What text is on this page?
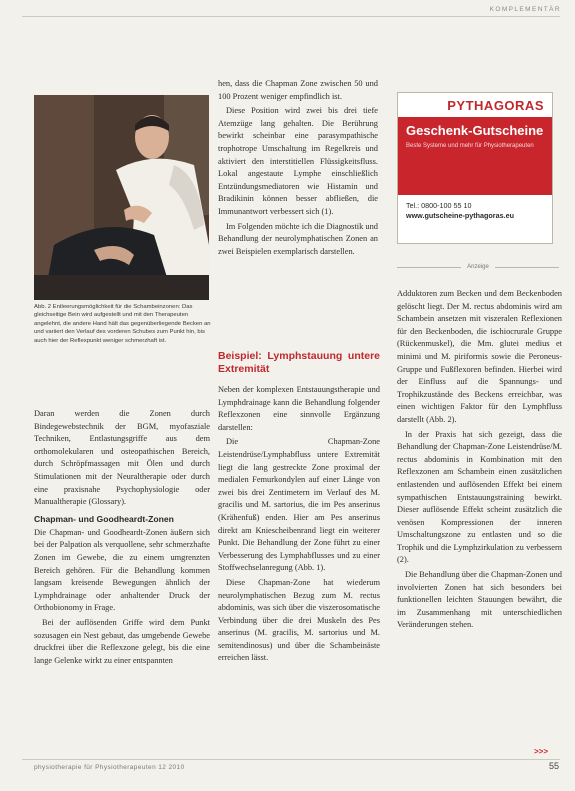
KOMPLEMENTÄR
Abb. 2 Entleerungsmöglichkeit für die Schambeinzonen: Das gleichseitige Bein wird aufgestellt und mit den Therapeuten angelehnt, die andere Hand hält das gegenüberliegende Becken an und variiert den Verlauf des vorderen Schubes zum Punkt hin, bis auch hier der Reflexpunkt weniger schmerzhaft ist.

Daran werden die Zonen durch Bindegewebstechnik der BGM, myofasziale Techniken, Entlastungsgriffe aus dem orthomolekularen und osteopathischen Bereich, durch Schröpfmassagen mit Ölen und durch Stimulationen mit der Neuraltherapie oder durch eine praxisnahe Psychophysiologie oder Manualtherapie (Glossary).

Chapman- und Goodheardt-Zonen

Die Chapman- und Goodheardt-Zonen äußern sich bei der Palpation als verquollene, sehr schmerzhafte Zonen im Gewebe, die zu einem umgrenzten Bereich gehören. Für die Behandlung kommen langsam kreisende Bewegungen ähnlich der Lymphdrainage oder anhaltender Druck der Orthobionomy in Frage.

Bei der auflösenden Griffe wird dem Punkt sozusagen ein Nest gebaut, das umgebende Gewebe druckfrei über die Reflexzone gelegt, bis die eine lange Gelenke wirkt zu einer entspannten

hen, dass die Chapman Zone zwischen 50 und 100 Prozent weniger empfindlich ist.

Diese Position wird zwei bis drei tiefe Atemzüge lang gehalten. Die Berührung bewirkt scheinbar eine parasympathische trophotrope Umschaltung im Regelkreis und aktiviert den interstitiellen Flüssigkeitsfluss. Lokal angestaute Lymphe einschließlich Entzündungsmediatoren wie Histamin und Bradikinin können besser abfließen, die Immunantwort verbessert sich (1).

Im Folgenden möchte ich die Diagnostik und Behandlung der neurolymphatischen Zonen an zwei Beispielen exemplarisch darstellen.

Beispiel: Lymphstauung untere Extremität

Neben der komplexen Entstauungstherapie und Lymphdrainage kann die Behandlung folgender Reflexzonen eine sinnvolle Ergänzung darstellen:

Die Chapman-Zone Leistendrüse/Lymphabfluss untere Extremität liegt die lang gestreckte Zone proximal der medialen Femurkondylen auf einer Länge von zwei bis drei Zentimetern im Verlauf des M. gracilis und M. sartorius, die im Pes anserinus (Krähenfuß) enden. Hier am Pes anserinus direkt am Kniescheibenrand liegt ein weiterer Punkt. Die Behandlung der Zone führt zu einer Verbesserung des Lymphabflusses und zu einer Stoffwechselanregung (Abb. 1).

Diese Chapman-Zone hat wiederum neurolymphatischen Bezug zum M. rectus abdominis, was sich über die viszerosomatische Verbindung über die drei Muskeln des Pes anserinus (M. gracilis, M. sartorius und M. semitendinosus) und über die Schambeinäste erreichen lässt.

PYTHAGORAS
Geschenk-Gutscheine
Beste Systeme und mehr für Physiotherapeuten
Tel.: 0800-100 55 10
www.gutscheine-pythagoras.eu
Anzeige

Adduktoren zum Becken und dem Beckenboden gelöscht liegt. Der M. rectus abdominis wird am Schambein ansetzen mit viszeralen Reflexionen für den Beckenboden, die ischiocrurale Gruppe (Rückenmuskel), die Mm. glutei medius et minimi und M. piriformis sowie die Peroneus-Gruppe und Fußflexoren befinden. Hierbei wird der Einfluss auf die Spannungs- und Trophikzustände des Beckens erreichbar, was einen wichtigen Faktor für den Lymphfluss darstellt (Abb. 2).

In der Praxis hat sich gezeigt, dass die Behandlung der Chapman-Zone Leistendrüse/M. rectus abdominis in Kombination mit den Reflexzonen am Schambein einen zusätzlichen entlastenden und auflösenden Effekt bei einem sympathischen Entstauungstraining bewirkt. Dieser auflösende Effekt scheint zusätzlich die venösen Kompressionen der inneren Umschaltungszone zu entlasten und so die Trophik und die Lymphzirkulation zu verbessern (2).

Die Behandlung über die Chapman-Zonen und involvierten Zonen hat sich besonders bei funktionellen leichten Stauungen bewährt, die im Zusammenhang mit unterschiedlichen Veränderungen stehen.

>>>
physiotherapie für Physiotherapeuten 12 2010	55
